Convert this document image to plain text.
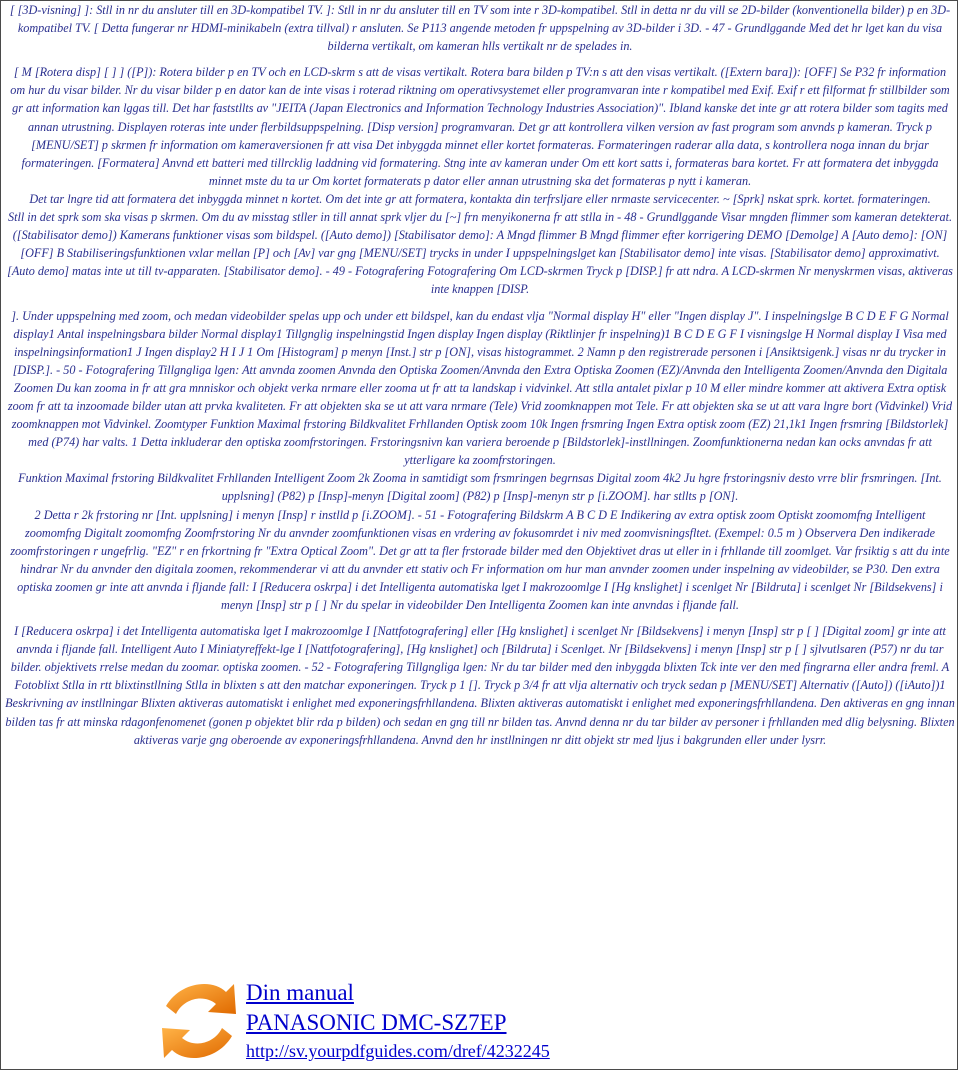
[ [3D-visning] ]: Stll in nr du ansluter till en 3D-kompatibel TV. ]: Stll in nr du ansluter till en TV som inte r 3D-kompatibel. Stll in detta nr du vill se 2D-bilder (konventionella bilder) p en 3D-kompatibel TV. [ Detta fungerar nr HDMI-minikabeln (extra tillval) r ansluten. Se P113 angende metoden fr uppspelning av 3D-bilder i 3D. - 47 - Grundlggande Med det hr lget kan du visa bilderna vertikalt, om kameran hlls vertikalt nr de spelades in.

[ M [Rotera disp] [ ] ] ([P]): Rotera bilder p en TV och en LCD-skrm s att de visas vertikalt. Rotera bara bilden p TV:n s att den visas vertikalt. ([Extern bara]): [OFF] Se P32 fr information om hur du visar bilder. Nr du visar bilder p en dator kan de inte visas i roterad riktning om operativsystemet eller programvaran inte r kompatibel med Exif. Exif r ett filformat fr stillbilder som gr att information kan lggas till. Det har faststllts av "JEITA (Japan Electronics and Information Technology Industries Association)". Ibland kanske det inte gr att rotera bilder som tagits med annan utrustning. Displayen roteras inte under flerbildsuppspelning. [Disp version] programvaran. Det gr att kontrollera vilken version av fast program som anvnds p kameran. Tryck p [MENU/SET] p skrmen fr information om kameraversionen fr att visa Det inbyggda minnet eller kortet formateras. Formateringen raderar alla data, s kontrollera noga innan du brjar formateringen. [Formatera] Anvnd ett batteri med tillrcklig laddning vid formatering. Stng inte av kameran under Om ett kort satts i, formateras bara kortet. Fr att formatera det inbyggda minnet mste du ta ur Om kortet formaterats p dator eller annan utrustning ska det formateras p nytt i kameran.

Det tar lngre tid att formatera det inbyggda minnet n kortet. Om det inte gr att formatera, kontakta din terfrsljare eller nrmaste servicecenter. ~ [Sprk] nskat sprk. kortet. formateringen.

Stll in det sprk som ska visas p skrmen. Om du av misstag stller in till annat sprk vljer du [~] frn menyikonerna fr att stlla in - 48 - Grundlggande Visar mngden flimmer som kameran detekterat. ([Stabilisator demo]) Kamerans funktioner visas som bildspel. ([Auto demo]) [Stabilisator demo]: A Mngd flimmer B Mngd flimmer efter korrigering DEMO [Demolge] A [Auto demo]: [ON] [OFF] B Stabiliseringsfunktionen vxlar mellan [P] och [Av] var gng [MENU/SET] trycks in under I uppspelningslget kan [Stabilisator demo] inte visas. [Stabilisator demo] approximativt. [Auto demo] matas inte ut till tv-apparaten. [Stabilisator demo]. - 49 - Fotografering Fotografering Om LCD-skrmen Tryck p [DISP.] fr att ndra. A LCD-skrmen Nr menyskrmen visas, aktiveras inte knappen [DISP.

]. Under uppspelning med zoom, och medan videobilder spelas upp och under ett bildspel, kan du endast vlja "Normal display H" eller "Ingen display J". I inspelningslge B C D E F G Normal display1 Antal inspelningsbara bilder Normal display1 Tillgnglig inspelningstid Ingen display Ingen display (Riktlinjer fr inspelning)1 B C D E G F I visningslge H Normal display I Visa med inspelningsinformation1 J Ingen display2 H I J 1 Om [Histogram] p menyn [Inst.] str p [ON], visas histogrammet. 2 Namn p den registrerade personen i [Ansiktsigenk.] visas nr du trycker in [DISP.]. - 50 - Fotografering Tillgngliga lgen: Att anvnda zoomen Anvnda den Optiska Zoomen/Anvnda den Extra Optiska Zoomen (EZ)/Anvnda den Intelligenta Zoomen/Anvnda den Digitala Zoomen Du kan zooma in fr att gra mnniskor och objekt verka nrmare eller zooma ut fr att ta landskap i vidvinkel. Att stlla antalet pixlar p 10 M eller mindre kommer att aktivera Extra optisk zoom fr att ta inzoomade bilder utan att prvka kvaliteten. Fr att objekten ska se ut att vara nrmare (Tele) Vrid zoomknappen mot Tele. Fr att objekten ska se ut att vara lngre bort (Vidvinkel) Vrid zoomknappen mot Vidvinkel. Zoomtyper Funktion Maximal frstoring Bildkvalitet Frhllanden Optisk zoom 10k Ingen frsmring Ingen Extra optisk zoom (EZ) 21,1k1 Ingen frsmring [Bildstorlek] med (P74) har valts. 1 Detta inkluderar den optiska zoomfrstoringen. Frstoringsnivn kan variera beroende p [Bildstorlek]-instllningen. Zoomfunktionerna nedan kan ocks anvndas fr att ytterligare ka zoomfrstoringen.

Funktion Maximal frstoring Bildkvalitet Frhllanden Intelligent Zoom 2k Zooma in samtidigt som frsmringen begrnsas Digital zoom 4k2 Ju hgre frstoringsniv desto vrre blir frsmringen. [Int. upplsning] (P82) p [Insp]-menyn [Digital zoom] (P82) p [Insp]-menyn str p [i.ZOOM]. har stllts p [ON].

2 Detta r 2k frstoring nr [Int. upplsning] i menyn [Insp] r instlld p [i.ZOOM]. - 51 - Fotografering Bildskrm A B C D E Indikering av extra optisk zoom Optiskt zoomomfng Intelligent zoomomfng Digitalt zoomomfng Zoomfrstoring Nr du anvnder zoomfunktionen visas en vrdering av fokusomrdet i niv med zoomvisningsfltet. (Exempel: 0.5 m ) Observera Den indikerade zoomfrstoringen r ungefrlig. "EZ" r en frkortning fr "Extra Optical Zoom". Det gr att ta fler frstorade bilder med den Objektivet dras ut eller in i frhllande till zoomlget. Var frsiktig s att du inte hindrar Nr du anvnder den digitala zoomen, rekommenderar vi att du anvnder ett stativ och Fr information om hur man anvnder zoomen under inspelning av videobilder, se P30. Den extra optiska zoomen gr inte att anvnda i fljande fall: I [Reducera oskrpa] i det Intelligenta automatiska lget I makrozoomlge I [Hg knslighet] i scenlget Nr [Bildruta] i scenlget Nr [Bildsekvens] i menyn [Insp] str p [ ] Nr du spelar in videobilder Den Intelligenta Zoomen kan inte anvndas i fljande fall.

I [Reducera oskrpa] i det Intelligenta automatiska lget I makrozoomlge I [Nattfotografering] eller [Hg knslighet] i scenlget Nr [Bildsekvens] i menyn [Insp] str p [ ] [Digital zoom] gr inte att anvnda i fljande fall. Intelligent Auto I Miniatyreffekt-lge I [Nattfotografering], [Hg knslighet] och [Bildruta] i Scenlget. Nr [Bildsekvens] i menyn [Insp] str p [ ] sjlvutlsaren (P57) nr du tar bilder. objektivets rrelse medan du zoomar. optiska zoomen. - 52 - Fotografering Tillgngliga lgen: Nr du tar bilder med den inbyggda blixten Tck inte ver den med fingrarna eller andra freml. A Fotoblixt Stlla in rtt blixtinstllning Stlla in blixten s att den matchar exponeringen. Tryck p 1 []. Tryck p 3/4 fr att vlja alternativ och tryck sedan p [MENU/SET] Alternativ ([Auto]) ([iAuto])1 Beskrivning av instllningar Blixten aktiveras automatiskt i enlighet med exponeringsfrhllandena. Blixten aktiveras automatiskt i enlighet med exponeringsfrhllandena. Den aktiveras en gng innan bilden tas fr att minska rdagonfenomenet (gonen p objektet blir rda p bilden) och sedan en gng till nr bilden tas. Anvnd denna nr du tar bilder av personer i frhllanden med dlig belysning. Blixten aktiveras varje gng oberoende av exponeringsfrhllandena. Anvnd den hr instllningen nr ditt objekt str med ljus i bakgrunden eller under lysrr.

Din manual
PANASONIC DMC-SZ7EP
http://sv.yourpdfguides.com/dref/4232245
